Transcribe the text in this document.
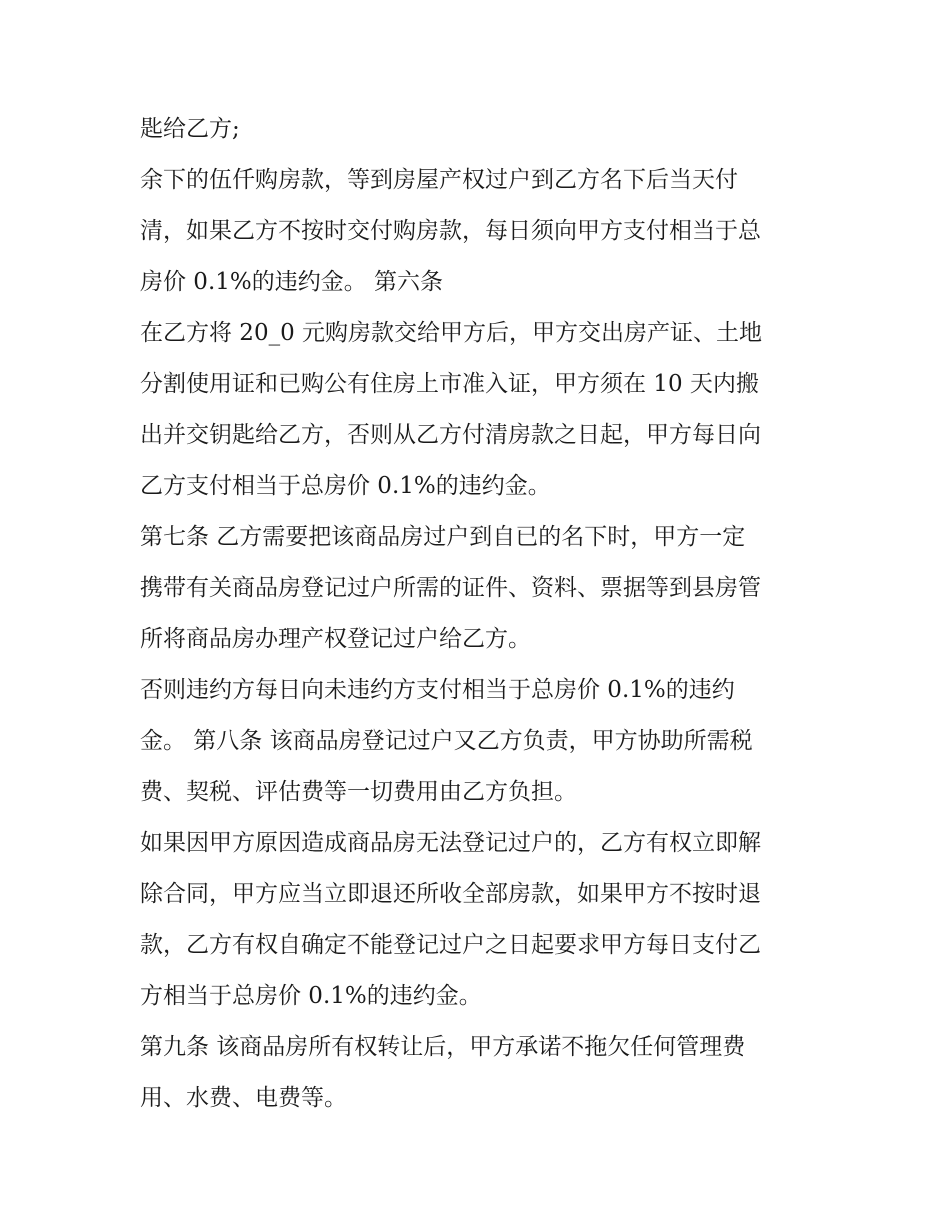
匙给乙方;
余下的伍仟购房款，等到房屋产权过户到乙方名下后当天付
清，如果乙方不按时交付购房款，每日须向甲方支付相当于总
房价 0.1%的违约金。 第六条
在乙方将 20_0 元购房款交给甲方后，甲方交出房产证、土地
分割使用证和已购公有住房上市准入证，甲方须在 10 天内搬
出并交钥匙给乙方，否则从乙方付清房款之日起，甲方每日向
乙方支付相当于总房价 0.1%的违约金。
第七条 乙方需要把该商品房过户到自已的名下时，甲方一定
携带有关商品房登记过户所需的证件、资料、票据等到县房管
所将商品房办理产权登记过户给乙方。
否则违约方每日向未违约方支付相当于总房价 0.1%的违约
金。 第八条 该商品房登记过户又乙方负责，甲方协助所需税
费、契税、评估费等一切费用由乙方负担。
如果因甲方原因造成商品房无法登记过户的，乙方有权立即解
除合同，甲方应当立即退还所收全部房款，如果甲方不按时退
款，乙方有权自确定不能登记过户之日起要求甲方每日支付乙
方相当于总房价 0.1%的违约金。
第九条 该商品房所有权转让后，甲方承诺不拖欠任何管理费
用、水费、电费等。
